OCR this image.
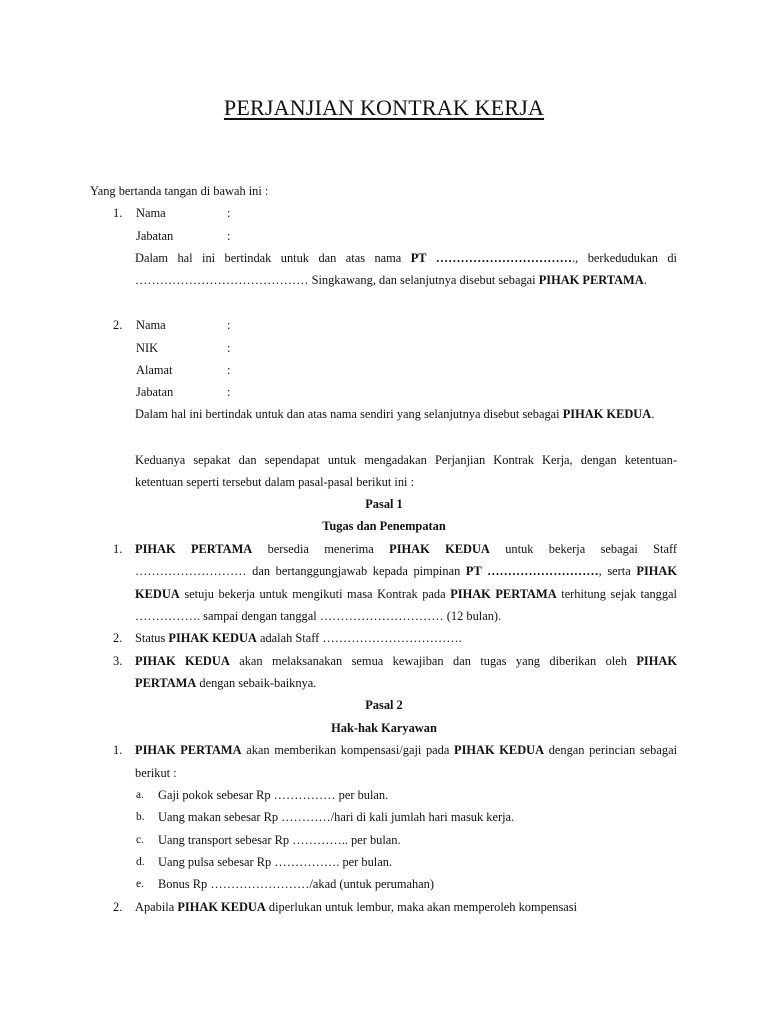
PERJANJIAN KONTRAK KERJA
Yang bertanda tangan di bawah ini :
1. Nama	:
Jabatan	:
Dalam hal ini bertindak untuk dan atas nama PT ……………………………., berkedudukan di
…………………………………… Singkawang, dan selanjutnya disebut sebagai PIHAK PERTAMA.
2. Nama	:
NIK	:
Alamat	:
Jabatan	:
Dalam hal ini bertindak untuk dan atas nama sendiri yang selanjutnya disebut sebagai PIHAK KEDUA.
Keduanya sepakat dan sependapat untuk mengadakan Perjanjian Kontrak Kerja, dengan ketentuan-
ketentuan seperti tersebut dalam pasal-pasal berikut ini :
Pasal 1
Tugas dan Penempatan
1. PIHAK PERTAMA bersedia menerima PIHAK KEDUA untuk bekerja sebagai Staff
……………………… dan bertanggungjawab kepada pimpinan PT ………………………, serta PIHAK
KEDUA setuju bekerja untuk mengikuti masa Kontrak pada PIHAK PERTAMA terhitung sejak tanggal
……………. sampai dengan tanggal ………………………… (12 bulan).
2. Status PIHAK KEDUA adalah Staff …………………………….
3. PIHAK KEDUA akan melaksanakan semua kewajiban dan tugas yang diberikan oleh PIHAK
PERTAMA dengan sebaik-baiknya.
Pasal 2
Hak-hak Karyawan
1. PIHAK PERTAMA akan memberikan kompensasi/gaji pada PIHAK KEDUA dengan perincian sebagai
berikut :
a. Gaji pokok sebesar Rp …………… per bulan.
b. Uang makan sebesar Rp …………/hari di kali jumlah hari masuk kerja.
c. Uang transport sebesar Rp ………….. per bulan.
d. Uang pulsa sebesar Rp ……………. per bulan.
e. Bonus Rp ……………………/akad (untuk perumahan)
2. Apabila PIHAK KEDUA diperlukan untuk lembur, maka akan memperoleh kompensasi
